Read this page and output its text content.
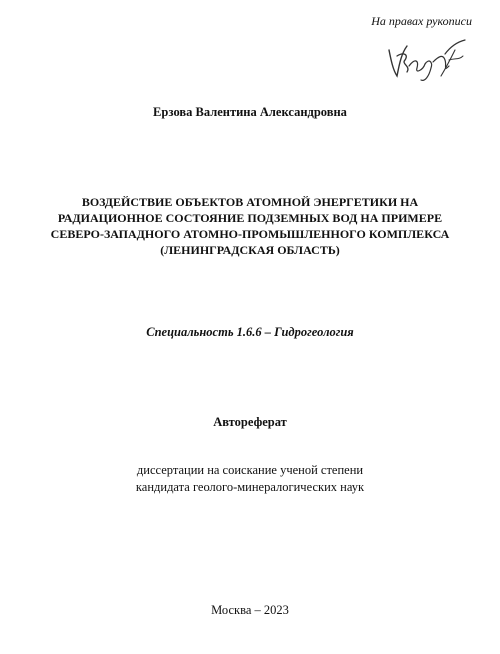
На правах рукописи
Ерзова Валентина Александровна
ВОЗДЕЙСТВИЕ ОБЪЕКТОВ АТОМНОЙ ЭНЕРГЕТИКИ НА
РАДИАЦИОННОЕ СОСТОЯНИЕ ПОДЗЕМНЫХ ВОД НА ПРИМЕРЕ
СЕВЕРО-ЗАПАДНОГО АТОМНО-ПРОМЫШЛЕННОГО КОМПЛЕКСА
(ЛЕНИНГРАДСКАЯ ОБЛАСТЬ)
Специальность 1.6.6 – Гидрогеология
Автореферат
диссертации на соискание ученой степени
кандидата геолого-минералогических наук
Москва – 2023
